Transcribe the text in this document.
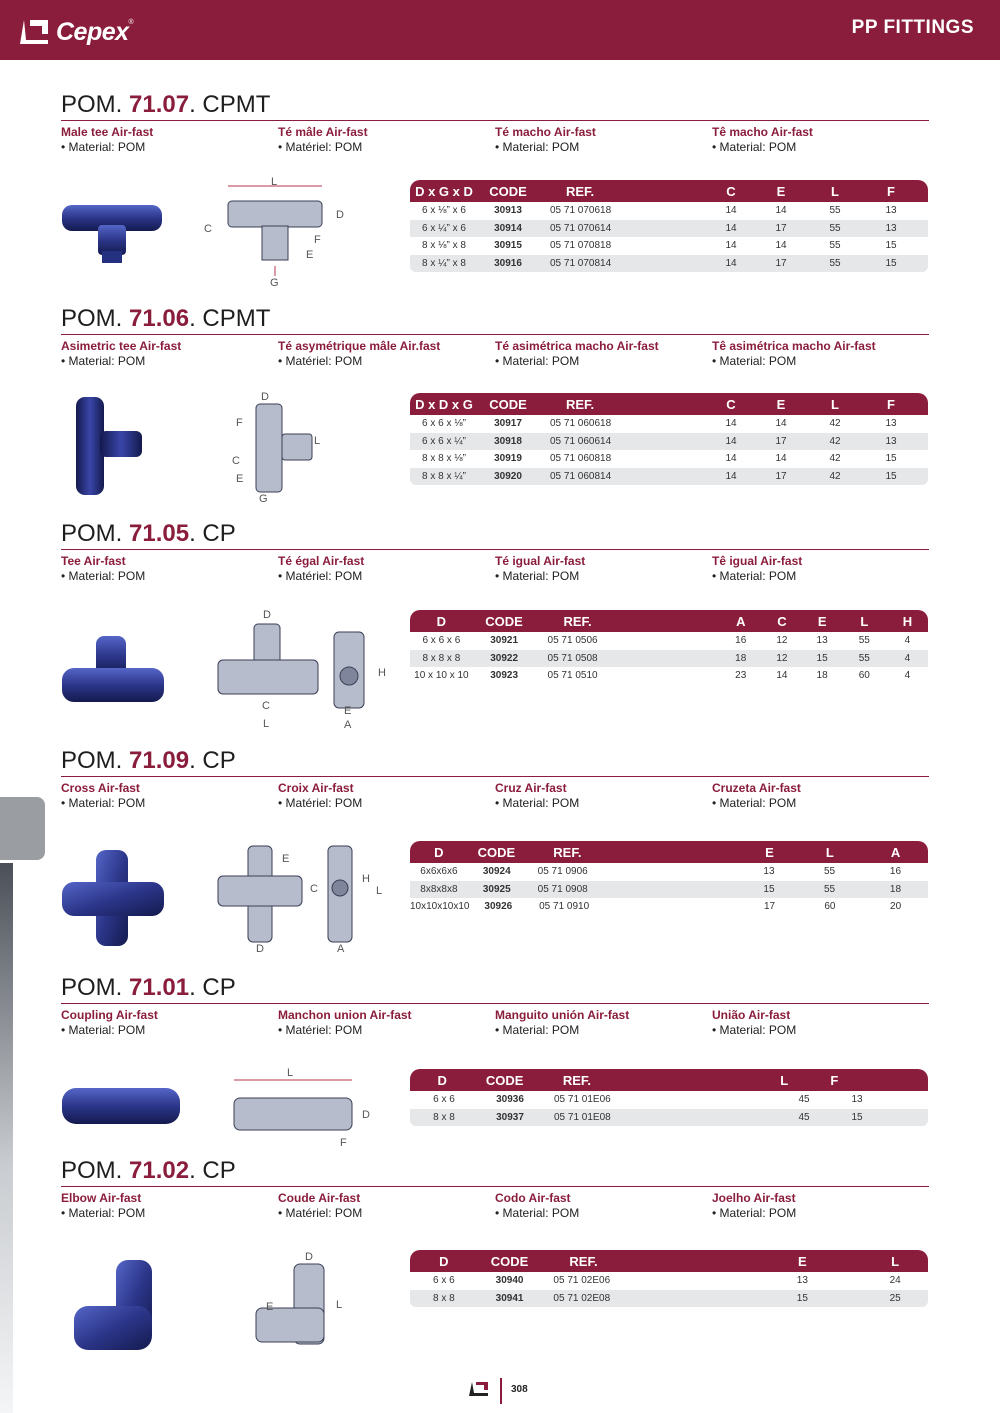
Cepex ®	PP FITTINGS
POM. 71.07. CPMT
Male tee Air-fast
• Material: POM
Té mâle Air-fast
• Matériel: POM
Té macho Air-fast
• Material: POM
Tê macho Air-fast
• Material: POM
L
D
C
F
E
G
D x G x D	CODE	REF.	C	E	L	F
6 x ⅛” x 6	30913	05 71 070618	14	14	55	13
6 x ¼” x 6	30914	05 71 070614	14	17	55	13
8 x ⅛” x 8	30915	05 71 070818	14	14	55	15
8 x ¼” x 8	30916	05 71 070814	14	17	55	15
POM. 71.06. CPMT
Asimetric tee Air-fast
• Material: POM
Té asymétrique mâle Air.fast
• Matériel: POM
Té asimétrica macho Air-fast
• Material: POM
Tê asimétrica macho Air-fast
• Material: POM
D
F
L
C
E
G
D x D x G	CODE	REF.	C	E	L	F
6 x 6 x ⅛”	30917	05 71 060618	14	14	42	13
6 x 6 x ¼”	30918	05 71 060614	14	17	42	13
8 x 8 x ⅛”	30919	05 71 060818	14	14	42	15
8 x 8 x ¼”	30920	05 71 060814	14	17	42	15
POM. 71.05. CP
Tee Air-fast
• Material: POM
Té égal Air-fast
• Matériel: POM
Té igual Air-fast
• Material: POM
Tê igual Air-fast
• Material: POM
D
C
L
H
E
A
D	CODE	REF.	A	C	E	L	H
6 x 6 x 6	30921	05 71 0506	16	12	13	55	4
8 x 8 x 8	30922	05 71 0508	18	12	15	55	4
10 x 10 x 10	30923	05 71 0510	23	14	18	60	4
POM. 71.09. CP
Cross Air-fast
• Material: POM
Croix Air-fast
• Matériel: POM
Cruz Air-fast
• Material: POM
Cruzeta Air-fast
• Material: POM
E
D
C
H
L
A
D	CODE	REF.	E	L	A
6x6x6x6	30924	05 71 0906	13	55	16
8x8x8x8	30925	05 71 0908	15	55	18
10x10x10x10	30926	05 71 0910	17	60	20
POM. 71.01. CP
Coupling Air-fast
• Material: POM
Manchon union Air-fast
• Matériel: POM
Manguito unión Air-fast
• Material: POM
União Air-fast
• Material: POM
L
D
F
D	CODE	REF.	L	F
6 x 6	30936	05 71 01E06	45	13
8 x 8	30937	05 71 01E08	45	15
POM. 71.02. CP
Elbow Air-fast
• Material: POM
Coude Air-fast
• Matériel: POM
Codo Air-fast
• Material: POM
Joelho Air-fast
• Material: POM
D
E	L
D	CODE	REF.	E	L
6 x 6	30940	05 71 02E06	13	24
8 x 8	30941	05 71 02E08	15	25
308
